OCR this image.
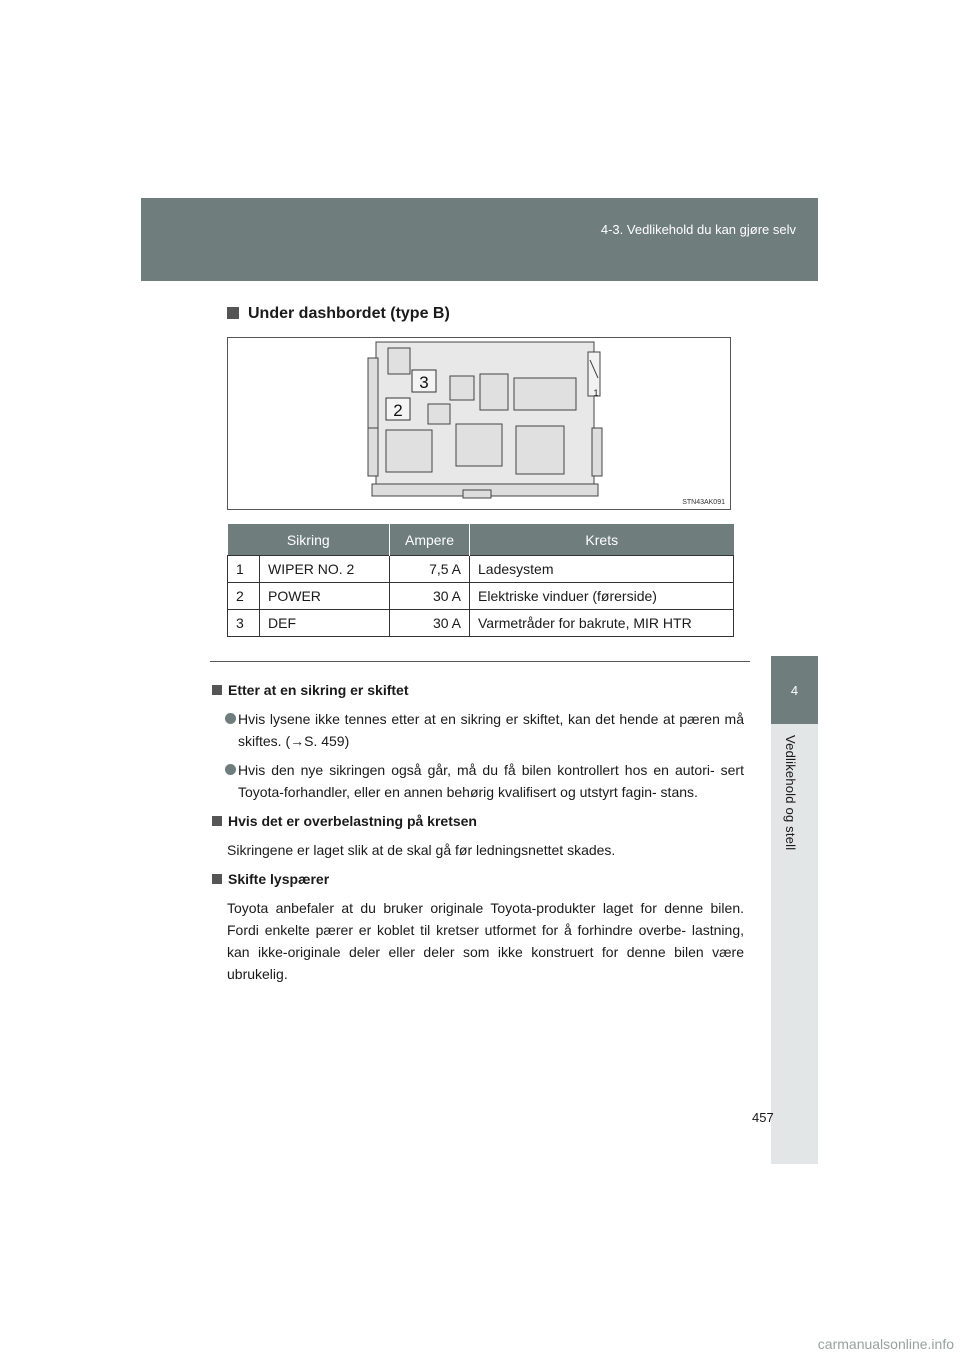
4-3. Vedlikehold du kan gjøre selv
4
Vedlikehold og stell
Under dashbordet (type B)
3
2
1
STN43AK091
Sikring		Ampere	Krets
1	WIPER NO. 2	7,5 A	Ladesystem
2	POWER	30 A	Elektriske vinduer (førerside)
3	DEF	30 A	Varmetråder for bakrute, MIR HTR
Etter at en sikring er skiftet
Hvis lysene ikke tennes etter at en sikring er skiftet, kan det hende at pæren må skiftes. (→S. 459)
Hvis den nye sikringen også går, må du få bilen kontrollert hos en autori- sert Toyota-forhandler, eller en annen behørig kvalifisert og utstyrt fagin- stans.
Hvis det er overbelastning på kretsen
Sikringene er laget slik at de skal gå før ledningsnettet skades.
Skifte lyspærer
Toyota anbefaler at du bruker originale Toyota-produkter laget for denne bilen. Fordi enkelte pærer er koblet til kretser utformet for å forhindre overbe- lastning, kan ikke-originale deler eller deler som ikke konstruert for denne bilen være ubrukelig.
457
carmanualsonline.info
